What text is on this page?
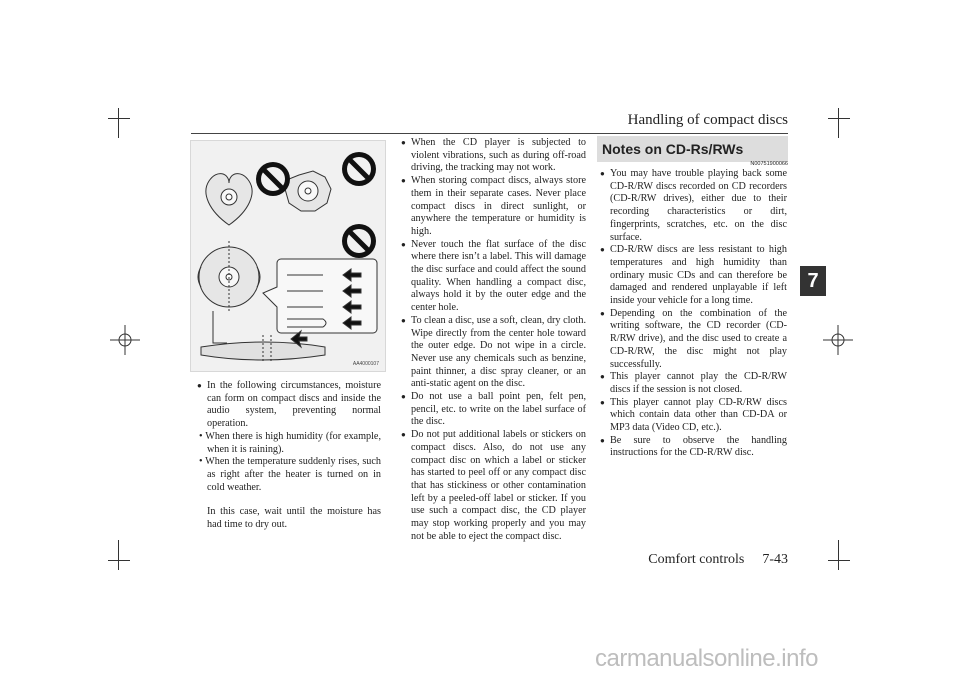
Handling of compact discs
7
AA4000107
● In the following circumstances, moisture can form on compact discs and inside the audio system, preventing normal operation.
• When there is high humidity (for example, when it is raining).
• When the temperature suddenly rises, such as right after the heater is turned on in cold weather.
In this case, wait until the moisture has had time to dry out.
● When the CD player is subjected to violent vibrations, such as during off-road driving, the tracking may not work.
● When storing compact discs, always store them in their separate cases. Never place compact discs in direct sunlight, or anywhere the temperature or humidity is high.
● Never touch the flat surface of the disc where there isn’t a label. This will damage the disc surface and could affect the sound quality. When handling a compact disc, always hold it by the outer edge and the center hole.
● To clean a disc, use a soft, clean, dry cloth. Wipe directly from the center hole toward the outer edge. Do not wipe in a circle. Never use any chemicals such as benzine, paint thinner, a disc spray cleaner, or an anti-static agent on the disc.
● Do not use a ball point pen, felt pen, pencil, etc. to write on the label surface of the disc.
● Do not put additional labels or stickers on compact discs. Also, do not use any compact disc on which a label or sticker has started to peel off or any compact disc that has stickiness or other contamination left by a peeled-off label or sticker. If you use such a compact disc, the CD player may stop working properly and you may not be able to eject the compact disc.
Notes on CD-Rs/RWs
N00751900066
● You may have trouble playing back some CD-R/RW discs recorded on CD recorders (CD-R/RW drives), either due to their recording characteristics or dirt, fingerprints, scratches, etc. on the disc surface.
● CD-R/RW discs are less resistant to high temperatures and high humidity than ordinary music CDs and can therefore be damaged and rendered unplayable if left inside your vehicle for a long time.
● Depending on the combination of the writing software, the CD recorder (CD-R/RW drive), and the disc used to create a CD-R/RW, the disc might not play successfully.
● This player cannot play the CD-R/RW discs if the session is not closed.
● This player cannot play CD-R/RW discs which contain data other than CD-DA or MP3 data (Video CD, etc.).
● Be sure to observe the handling instructions for the CD-R/RW disc.
Comfort controls 7-43
carmanualsonline.info
